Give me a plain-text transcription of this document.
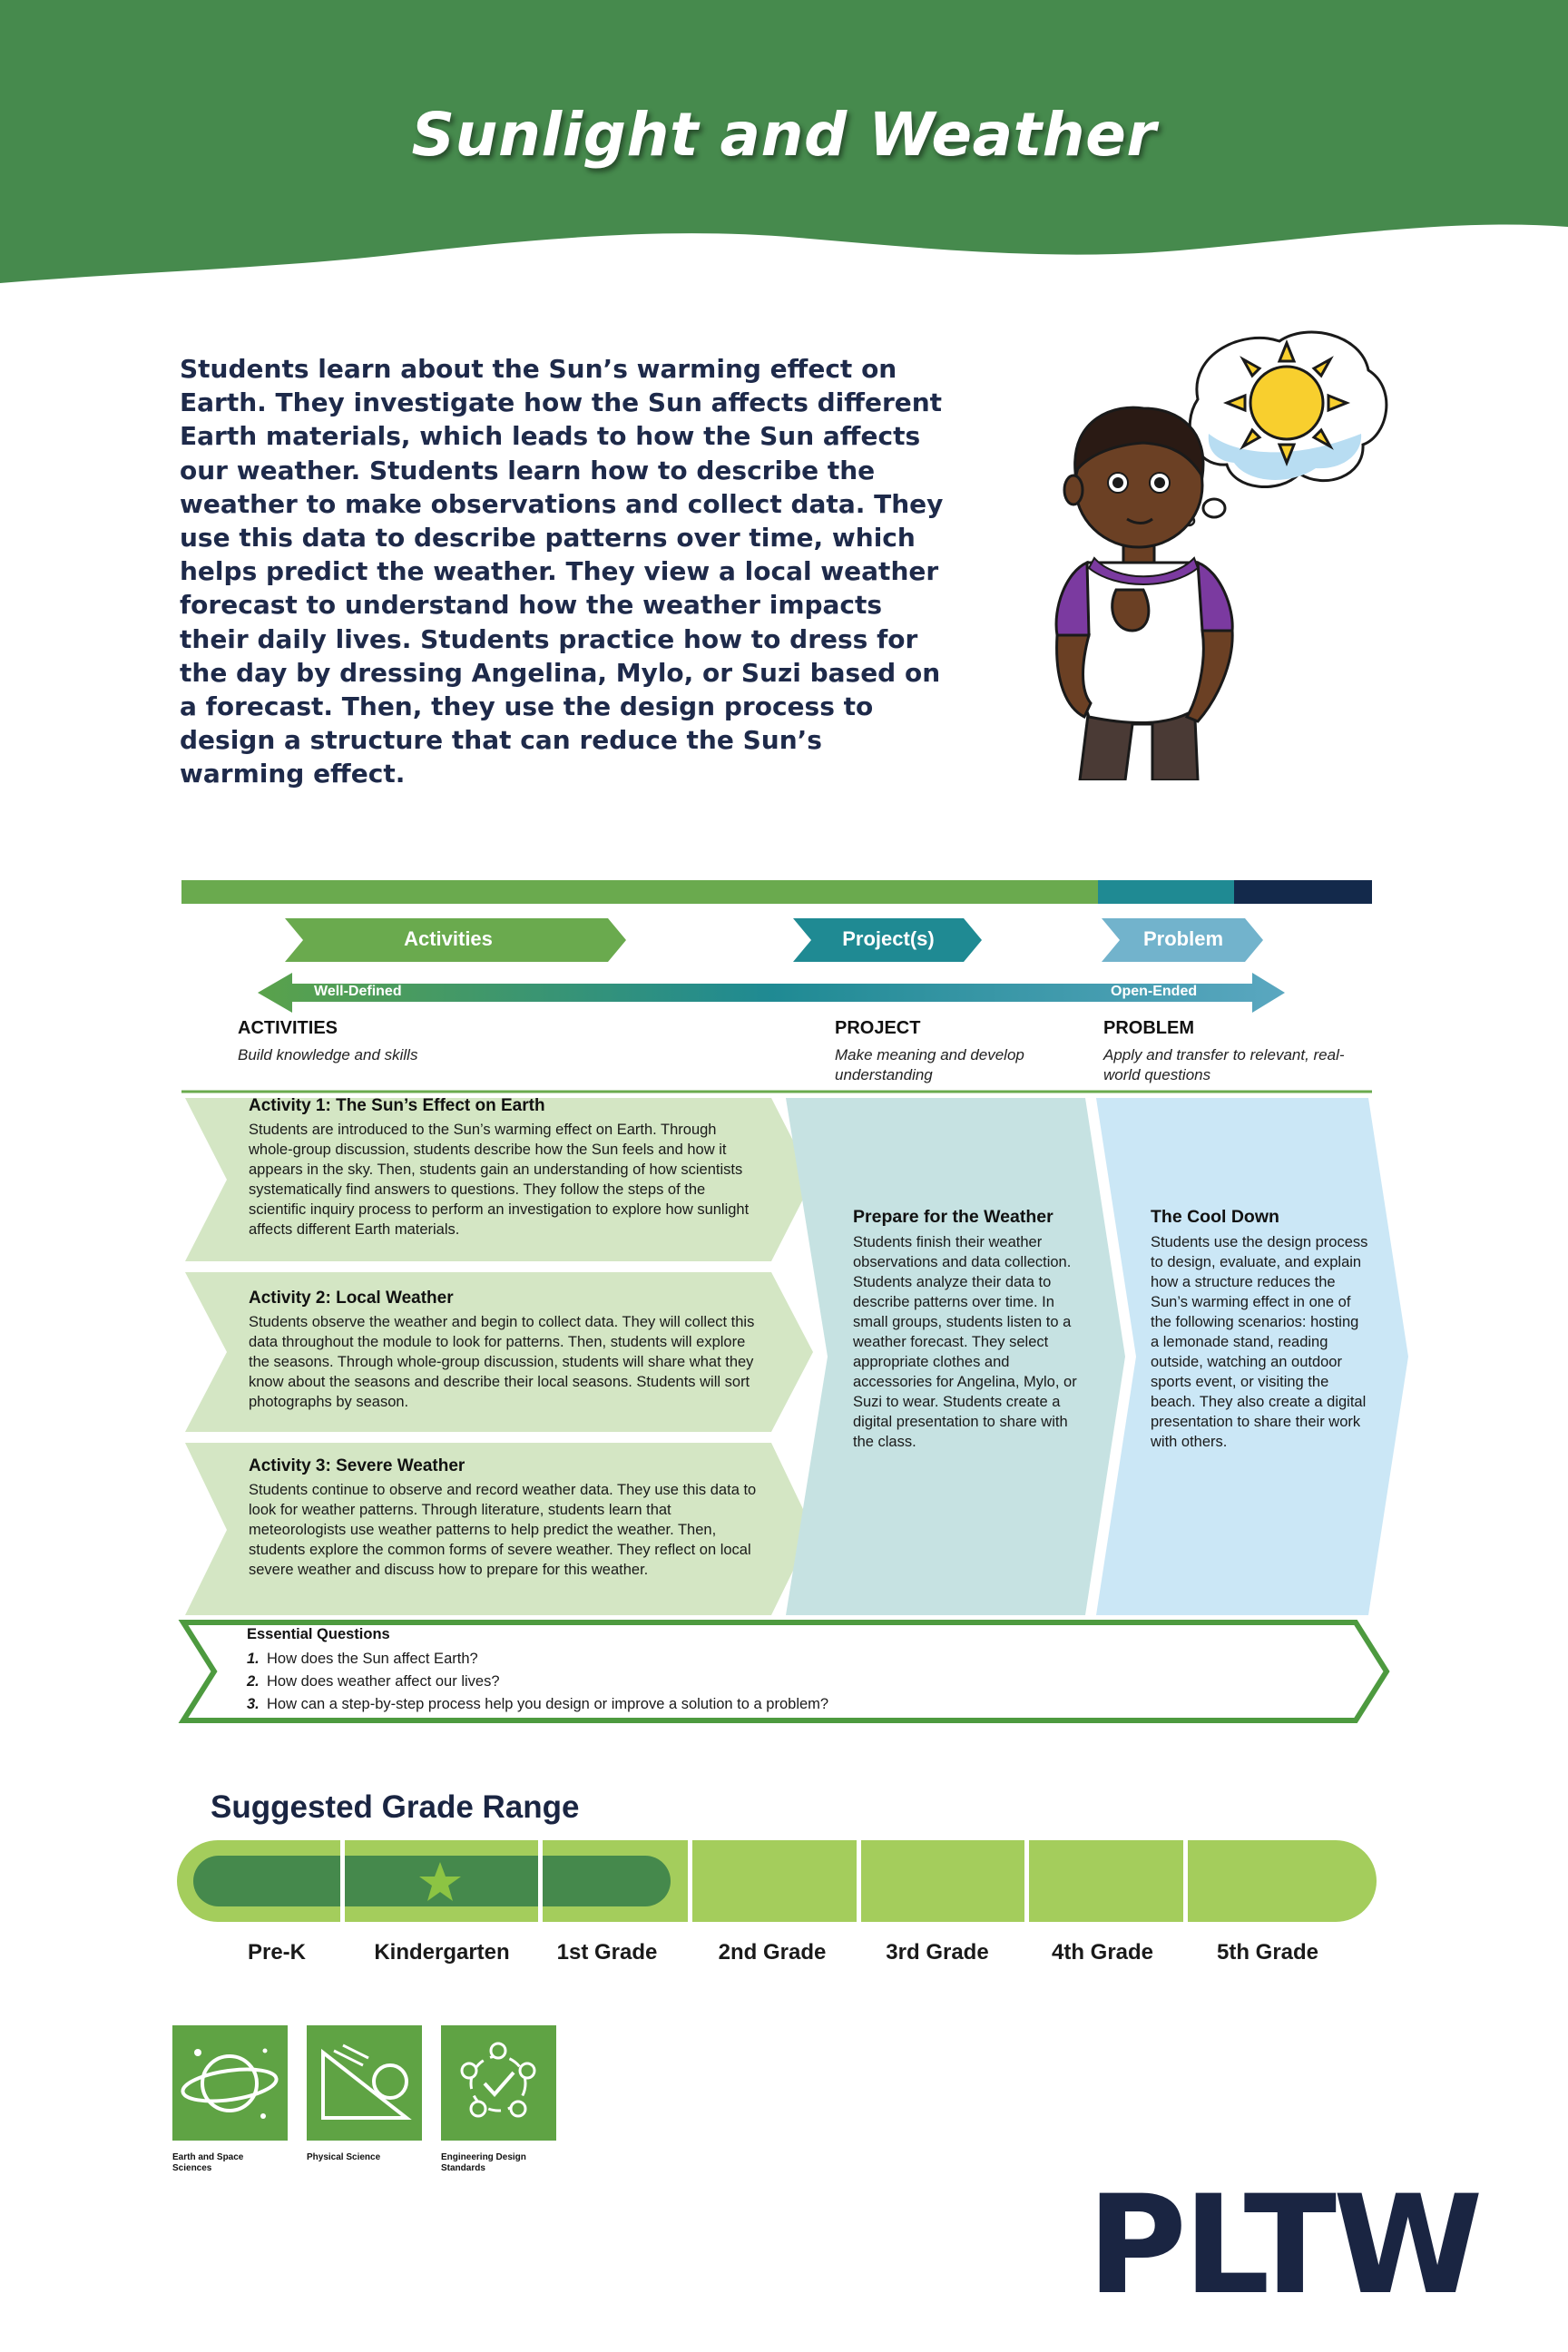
Sunlight and Weather
Students learn about the Sun’s warming effect on Earth. They investigate how the Sun affects different Earth materials, which leads to how the Sun affects our weather. Students learn how to describe the weather to make observations and collect data. They use this data to describe patterns over time, which helps predict the weather. They view a local weather forecast to understand how the weather impacts their daily lives. Students practice how to dress for the day by dressing Angelina, Mylo, or Suzi based on a forecast. Then, they use the design process to design a structure that can reduce the Sun’s warming effect.
Activities	Project(s)	Problem
Well-Defined	Open-Ended
ACTIVITIES
Build knowledge and skills
PROJECT
Make meaning and develop understanding
PROBLEM
Apply and transfer to relevant, real-world questions
Activity 1: The Sun’s Effect on Earth
Students are introduced to the Sun’s warming effect on Earth. Through whole-group discussion, students describe how the Sun feels and how it appears in the sky. Then, students gain an understanding of how scientists systematically find answers to questions. They follow the steps of the scientific inquiry process to perform an investigation to explore how sunlight affects different Earth materials.
Activity 2: Local Weather
Students observe the weather and begin to collect data. They will collect this data throughout the module to look for patterns. Then, students will explore the seasons. Through whole-group discussion, students will share what they know about the seasons and describe their local seasons. Students will sort photographs by season.
Activity 3: Severe Weather
Students continue to observe and record weather data. They use this data to look for weather patterns. Through literature, students learn that meteorologists use weather patterns to help predict the weather. Then, students explore the common forms of severe weather. They reflect on local severe weather and discuss how to prepare for this weather.
Prepare for the Weather
Students finish their weather observations and data collection. Students analyze their data to describe patterns over time. In small groups, students listen to a weather forecast. They select appropriate clothes and accessories for Angelina, Mylo, or Suzi to wear. Students create a digital presentation to share with the class.
The Cool Down
Students use the design process to design, evaluate, and explain how a structure reduces the Sun’s warming effect in one of the following scenarios: hosting a lemonade stand, reading outside, watching an outdoor sports event, or visiting the beach. They also create a digital presentation to share their work with others.
Essential Questions
1. How does the Sun affect Earth?
2. How does weather affect our lives?
3. How can a step-by-step process help you design or improve a solution to a problem?
Suggested Grade Range
Pre-K	Kindergarten	1st Grade	2nd Grade	3rd Grade	4th Grade	5th Grade
Earth and Space Sciences
Physical Science	Engineering Design Standards	PLTW
